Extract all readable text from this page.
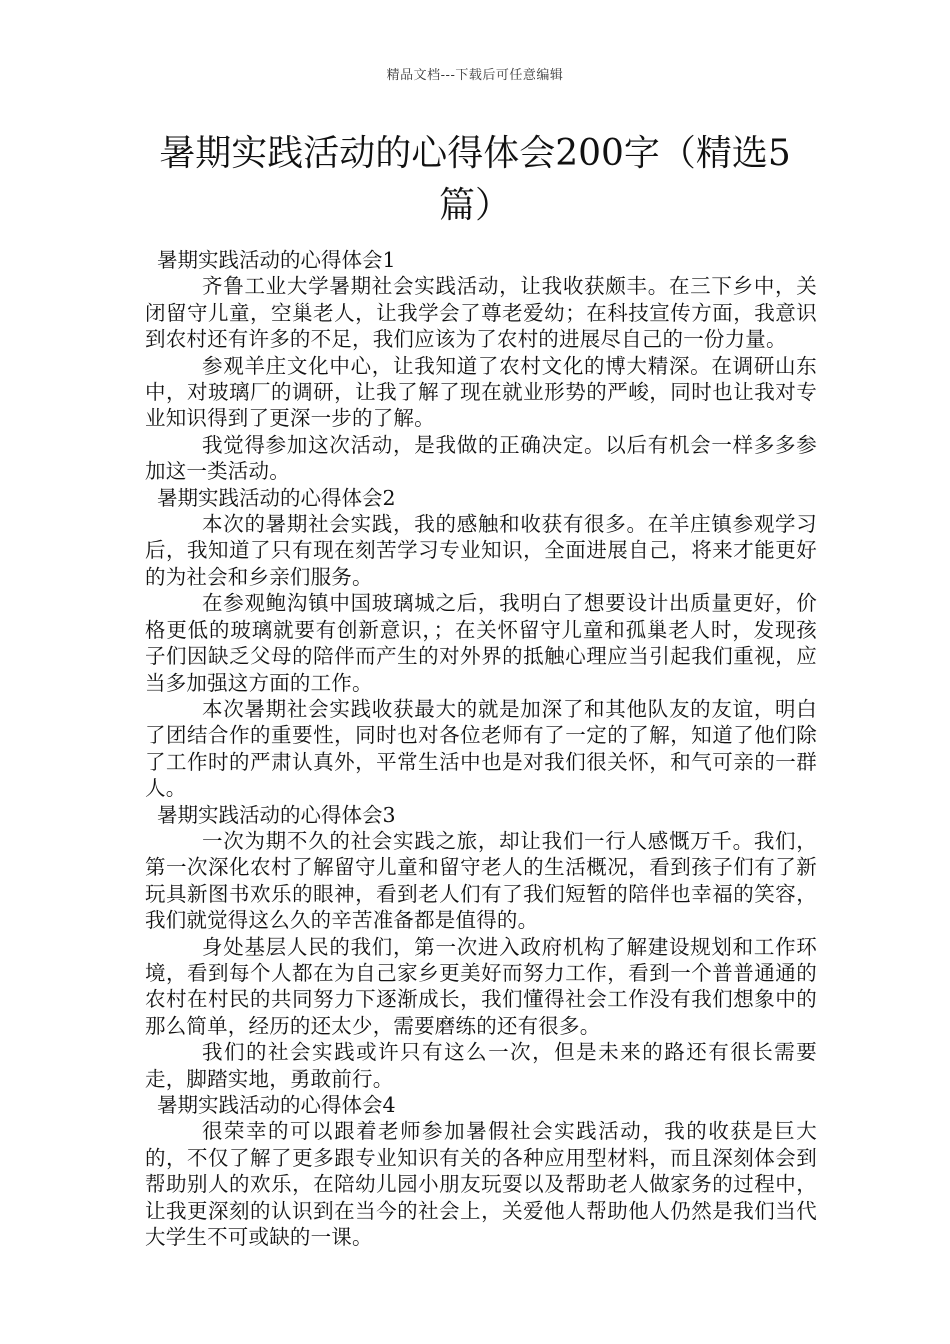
精品文档---下载后可任意编辑
暑期实践活动的心得体会200字（精选5篇）
暑期实践活动的心得体会1

齐鲁工业大学暑期社会实践活动，让我收获颇丰。在三下乡中，关闭留守儿童，空巢老人，让我学会了尊老爱幼；在科技宣传方面，我意识到农村还有许多的不足，我们应该为了农村的进展尽自己的一份力量。

参观羊庄文化中心，让我知道了农村文化的博大精深。在调研山东中，对玻璃厂的调研，让我了解了现在就业形势的严峻，同时也让我对专业知识得到了更深一步的了解。

我觉得参加这次活动，是我做的正确决定。以后有机会一样多多参加这一类活动。

暑期实践活动的心得体会2

本次的暑期社会实践，我的感触和收获有很多。在羊庄镇参观学习后，我知道了只有现在刻苦学习专业知识，全面进展自己，将来才能更好的为社会和乡亲们服务。

在参观鲍沟镇中国玻璃城之后，我明白了想要设计出质量更好，价格更低的玻璃就要有创新意识，；在关怀留守儿童和孤巢老人时，发现孩子们因缺乏父母的陪伴而产生的对外界的抵触心理应当引起我们重视，应当多加强这方面的工作。

本次暑期社会实践收获最大的就是加深了和其他队友的友谊，明白了团结合作的重要性，同时也对各位老师有了一定的了解，知道了他们除了工作时的严肃认真外，平常生活中也是对我们很关怀，和气可亲的一群人。

暑期实践活动的心得体会3

一次为期不久的社会实践之旅，却让我们一行人感慨万千。我们，第一次深化农村了解留守儿童和留守老人的生活概况，看到孩子们有了新玩具新图书欢乐的眼神，看到老人们有了我们短暂的陪伴也幸福的笑容，我们就觉得这么久的辛苦准备都是值得的。

身处基层人民的我们，第一次进入政府机构了解建设规划和工作环境，看到每个人都在为自己家乡更美好而努力工作，看到一个普普通通的农村在村民的共同努力下逐渐成长，我们懂得社会工作没有我们想象中的那么简单，经历的还太少，需要磨练的还有很多。

我们的社会实践或许只有这么一次，但是未来的路还有很长需要走，脚踏实地，勇敢前行。

暑期实践活动的心得体会4

很荣幸的可以跟着老师参加暑假社会实践活动，我的收获是巨大的，不仅了解了更多跟专业知识有关的各种应用型材料，而且深刻体会到帮助别人的欢乐，在陪幼儿园小朋友玩耍以及帮助老人做家务的过程中，让我更深刻的认识到在当今的社会上，关爱他人帮助他人仍然是我们当代大学生不可或缺的一课。
